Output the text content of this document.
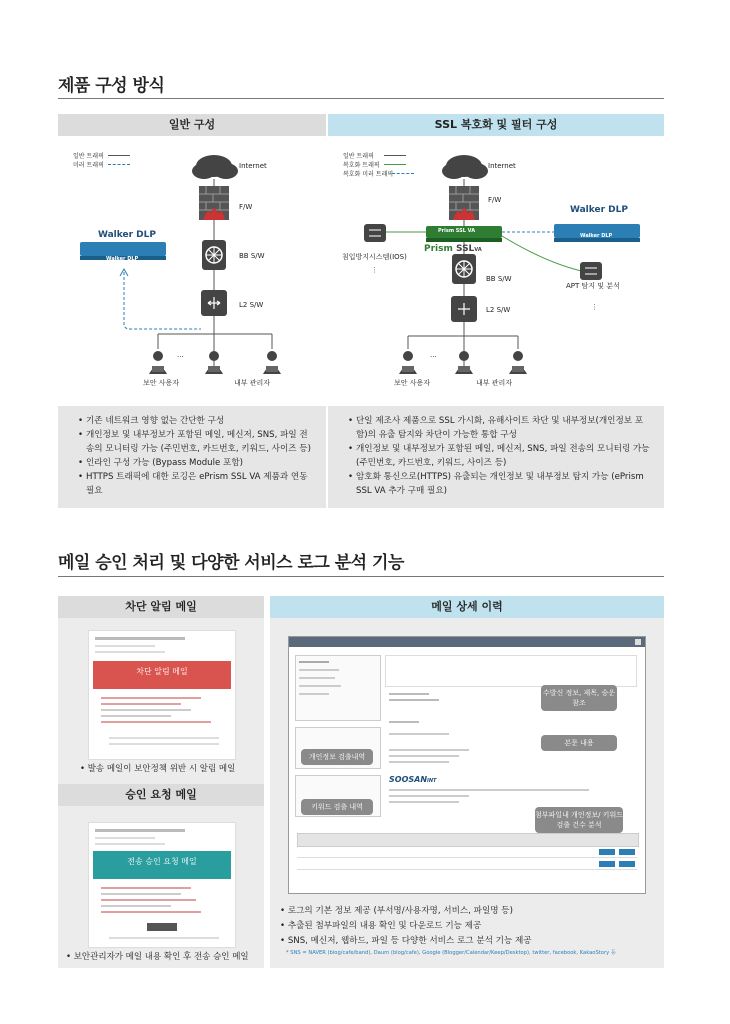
제품 구성 방식
일반 구성
일반 트래픽
미러 트래픽	Internet
F/W
BB S/W
L2 S/W
Walker DLP
Walker DLP
...
보안 사용자	내부 관리자
SSL 복호화 및 필터 구성
일반 트래픽
복호화 트래픽
복호화 미러 트래픽
⋮
⋮
Internet
F/W
Prism SSL VA
Prism SSLVA
Walker DLP
Walker DLP
침입방지시스템(IOS)
APT 탐지 및 분석
BB S/W
L2 S/W
...
보안 사용자	내부 관리자
• 기존 네트워크 영향 없는 간단한 구성
• 개인정보 및 내부정보가 포함된 메일, 메신저, SNS, 파일 전송의 모니터링 가능 (주민번호, 카드번호, 키워드, 사이즈 등)
• 인라인 구성 가능 (Bypass Module 포함)
• HTTPS 트래픽에 대한 로깅은 ePrism SSL VA 제품과 연동 필요
• 단일 제조사 제품으로 SSL 가시화, 유해사이트 차단 및 내부정보(개인정보 포함)의 유출 탐지와 차단이 가능한 통합 구성
• 개인정보 및 내부정보가 포함된 메일, 메신저, SNS, 파일 전송의 모니터링 가능 (주민번호, 카드번호, 키워드, 사이즈 등)
• 암호화 통신으로(HTTPS) 유출되는 개인정보 및 내부정보 탐지 가능 (ePrism SSL VA 추가 구매 필요)
메일 승인 처리 및 다양한 서비스 로그 분석 기능
차단 알림 메일
차단 알림 메일
• 발송 메일이 보안정책 위반 시 알림 메일
승인 요청 메일
전송 승인 요청 메일
• 보안관리자가 메일 내용 확인 후 전송 승인 메일
메일 상세 이력
SOOSANINT
수발신 정보, 제목, 승운참조
본문 내용
개인정보 검출내역
키워드 검출 내역
첨부파일내 개인정보/ 키워드 검출 건수 분석
• 로그의 기본 정보 제공 (부서명/사용자명, 서비스, 파일명 등)
• 추출된 첨부파일의 내용 확인 및 다운로드 기능 제공
• SNS, 메신저, 웹하드, 파일 등 다양한 서비스 로그 분석 기능 제공
* SNS = NAVER (blog/cafe/band), Daum (blog/cafe), Google (Blogger/Calendar/Keep/Desktop), twitter, facebook, KakaoStory 등
